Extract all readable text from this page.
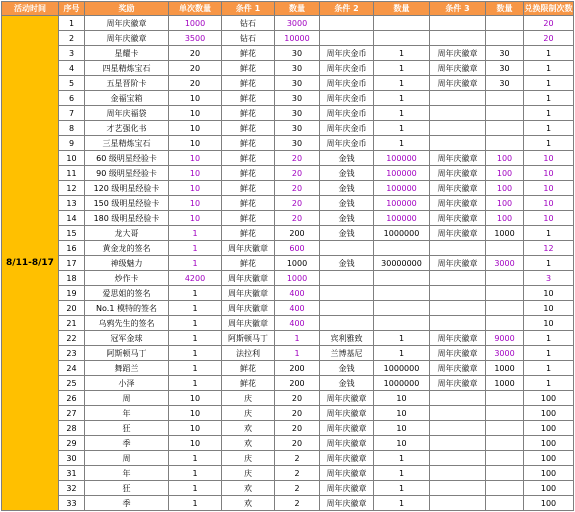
活动时间	序号	奖励	单次数量	条件 1	数量	条件 2	数量	条件 3	数量	兑换限制次数
8/11-8/17	1	周年庆徽章	1000	钻石	3000					20
	2	周年庆徽章	3500	钻石	10000					20
	3	星耀卡	20	鲜花	30	周年庆金币	1	周年庆徽章	30	1
	4	四星精炼宝石	20	鲜花	30	周年庆金币	1	周年庆徽章	30	1
	5	五星晋阶卡	20	鲜花	30	周年庆金币	1	周年庆徽章	30	1
	6	金福宝箱	10	鲜花	30	周年庆金币	1			1
	7	周年庆福袋	10	鲜花	30	周年庆金币	1			1
	8	才艺强化书	10	鲜花	30	周年庆金币	1			1
	9	三星精炼宝石	10	鲜花	30	周年庆金币	1			1
	10	60 级明星经验卡	10	鲜花	20	金钱	100000	周年庆徽章	100	10
	11	90 级明星经验卡	10	鲜花	20	金钱	100000	周年庆徽章	100	10
	12	120 级明星经验卡	10	鲜花	20	金钱	100000	周年庆徽章	100	10
	13	150 级明星经验卡	10	鲜花	20	金钱	100000	周年庆徽章	100	10
	14	180 级明星经验卡	10	鲜花	20	金钱	100000	周年庆徽章	100	10
	15	龙大哥	1	鲜花	200	金钱	1000000	周年庆徽章	1000	1
	16	黄金龙的签名	1	周年庆徽章	600					12
	17	神级魅力	1	鲜花	1000	金钱	30000000	周年庆徽章	3000	1
	18	炒作卡	4200	周年庆徽章	1000					3
	19	爱思姐的签名	1	周年庆徽章	400					10
	20	No.1 模特的签名	1	周年庆徽章	400					10
	21	乌鸦先生的签名	1	周年庆徽章	400					10
	22	冠军金球	1	阿斯顿马丁	1	宾利雅致	1	周年庆徽章	9000	1
	23	阿斯顿马丁	1	法拉利	1	兰博基尼	1	周年庆徽章	3000	1
	24	舞蹈兰	1	鲜花	200	金钱	1000000	周年庆徽章	1000	1
	25	小泽	1	鲜花	200	金钱	1000000	周年庆徽章	1000	1
	26	周	10	庆	20	周年庆徽章	10			100
	27	年	10	庆	20	周年庆徽章	10			100
	28	狂	10	欢	20	周年庆徽章	10			100
	29	季	10	欢	20	周年庆徽章	10			100
	30	周	1	庆	2	周年庆徽章	1			100
	31	年	1	庆	2	周年庆徽章	1			100
	32	狂	1	欢	2	周年庆徽章	1			100
	33	季	1	欢	2	周年庆徽章	1			100
